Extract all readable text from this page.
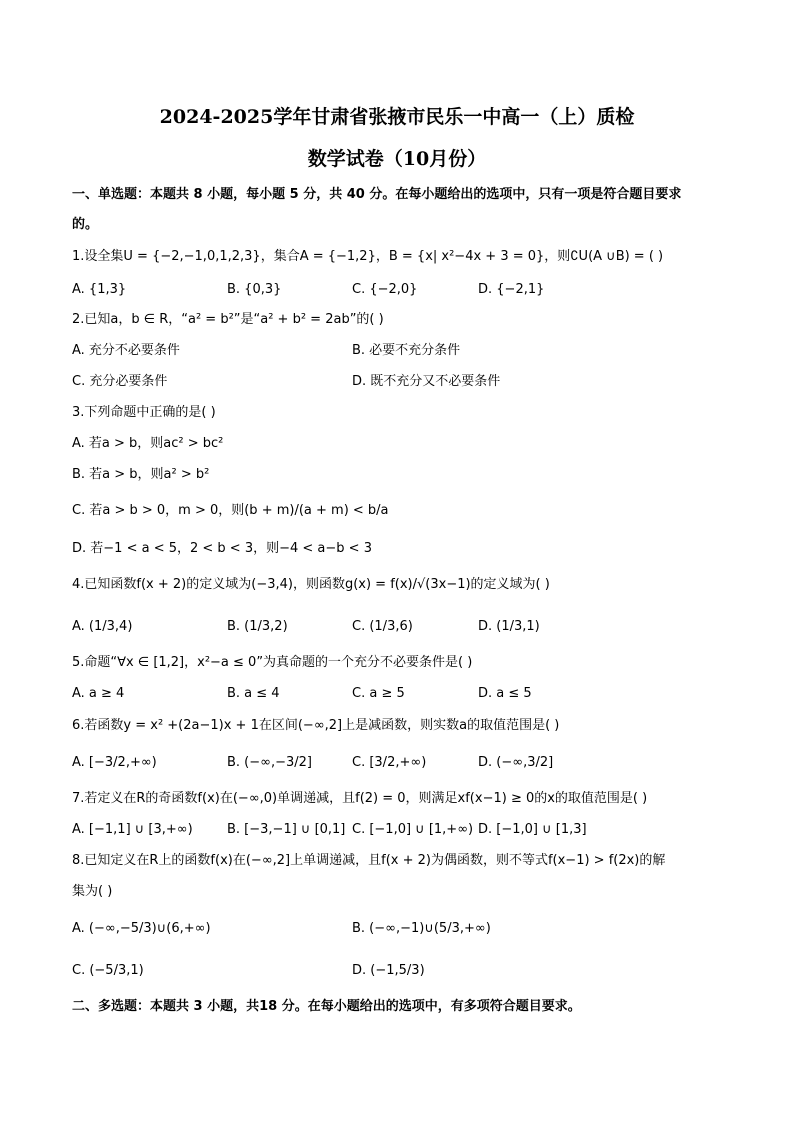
2024-2025学年甘肃省张掖市民乐一中高一（上）质检
数学试卷（10月份）
一、单选题：本题共 8 小题，每小题 5 分，共 40 分。在每小题给出的选项中，只有一项是符合题目要求
的。
1.设全集U = {−2,−1,0,1,2,3}，集合A = {−1,2}，B = {x| x²−4x + 3 = 0}，则∁U(A ∪B) = ( )
A. {1,3}	B. {0,3}	C. {−2,0}	D. {−2,1}
2.已知a，b ∈ R，“a² = b²”是“a² + b² = 2ab”的( )
A. 充分不必要条件	B. 必要不充分条件
C. 充分必要条件	D. 既不充分又不必要条件
3.下列命题中正确的是( )
A. 若a > b，则ac² > bc²
B. 若a > b，则a² > b²
C. 若a > b > 0，m > 0，则(b + m)/(a + m) < b/a
D. 若−1 < a < 5，2 < b < 3，则−4 < a−b < 3
4.已知函数f(x + 2)的定义域为(−3,4)，则函数g(x) = f(x)/√(3x−1)的定义域为( )
A. (1/3,4)	B. (1/3,2)	C. (1/3,6)	D. (1/3,1)
5.命题“∀x ∈ [1,2]，x²−a ≤ 0”为真命题的一个充分不必要条件是( )
A. a ≥ 4	B. a ≤ 4	C. a ≥ 5	D. a ≤ 5
6.若函数y = x² +(2a−1)x + 1在区间(−∞,2]上是减函数，则实数a的取值范围是( )
A. [−3/2,+∞)	B. (−∞,−3/2]	C. [3/2,+∞)	D. (−∞,3/2]
7.若定义在R的奇函数f(x)在(−∞,0)单调递减，且f(2) = 0，则满足xf(x−1) ≥ 0的x的取值范围是( )
A. [−1,1] ∪ [3,+∞)	B. [−3,−1] ∪ [0,1] C. [−1,0] ∪ [1,+∞) D. [−1,0] ∪ [1,3]
8.已知定义在R上的函数f(x)在(−∞,2]上单调递减，且f(x + 2)为偶函数，则不等式f(x−1) > f(2x)的解
集为( )
A. (−∞,−5/3)∪(6,+∞)	B. (−∞,−1)∪(5/3,+∞)
C. (−5/3,1)	D. (−1,5/3)
二、多选题：本题共 3 小题，共18 分。在每小题给出的选项中，有多项符合题目要求。
